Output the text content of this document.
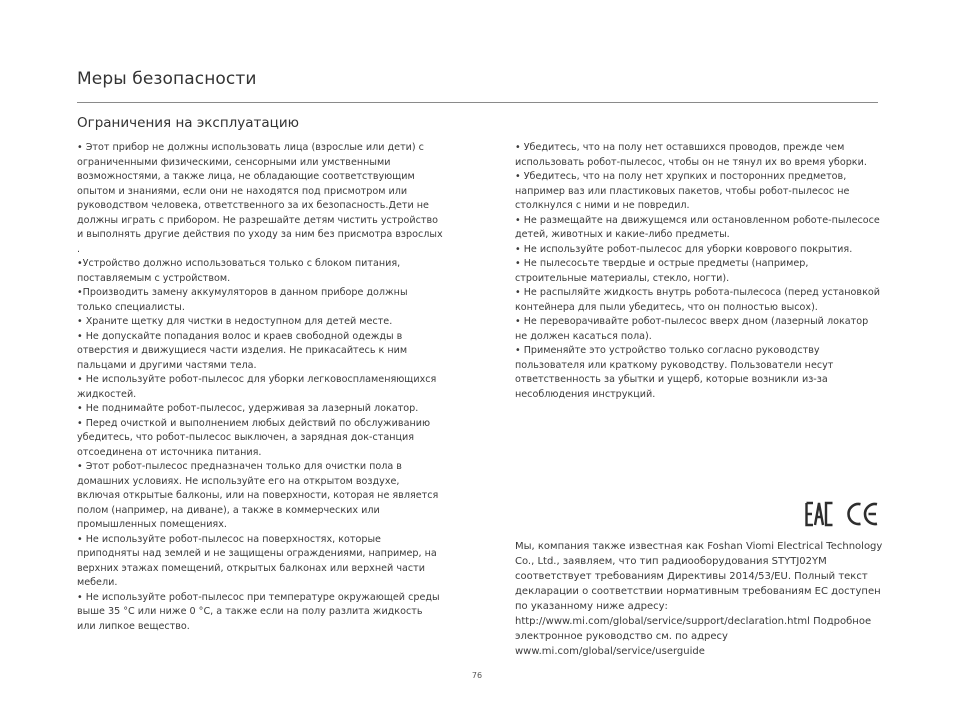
Меры безопасности
Ограничения на эксплуатацию

• Этот прибор не должны использовать лица (взрослые или дети) с ограниченными физическими, сенсорными или умственными возможностями, а также лица, не обладающие соответствующим опытом и знаниями, если они не находятся под присмотром или руководством человека, ответственного за их безопасность.Дети не должны играть с прибором. Не разрешайте детям чистить устройство и выполнять другие действия по уходу за ним без присмотра взрослых .

•Устройство должно использоваться только с блоком питания, поставляемым с устройством.

•Производить замену аккумуляторов в данном приборе должны только специалисты.

• Храните щетку для чистки в недоступном для детей месте.

• Не допускайте попадания волос и краев свободной одежды в отверстия и движущиеся части изделия. Не прикасайтесь к ним пальцами и другими частями тела.

• Не используйте робот-пылесос для уборки легковоспламеняющихся жидкостей.

• Не поднимайте робот-пылесос, удерживая за лазерный локатор.

• Перед очисткой и выполнением любых действий по обслуживанию убедитесь, что робот-пылесос выключен, а зарядная док-станция отсоединена от источника питания.

• Этот робот-пылесос предназначен только для очистки пола в домашних условиях. Не используйте его на открытом воздухе, включая открытые балконы, или на поверхности, которая не является полом (например, на диване), а также в коммерческих или промышленных помещениях.

• Не используйте робот-пылесос на поверхностях, которые приподняты над землей и не защищены ограждениями, например, на верхних этажах помещений, открытых балконах или верхней части мебели.

• Не используйте робот-пылесос при температуре окружающей среды выше 35 °C или ниже 0 °C, а также если на полу разлита жидкость или липкое вещество.

• Убедитесь, что на полу нет оставшихся проводов, прежде чем использовать робот-пылесос, чтобы он не тянул их во время уборки.

• Убедитесь, что на полу нет хрупких и посторонних предметов, например ваз или пластиковых пакетов, чтобы робот-пылесос не столкнулся с ними и не повредил.

• Не размещайте на движущемся или остановленном роботе-пылесосе детей, животных и какие-либо предметы.

• Не используйте робот-пылесос для уборки коврового покрытия.

• Не пылесосьте твердые и острые предметы (например, строительные материалы, стекло, ногти).

• Не распыляйте жидкость внутрь робота-пылесоса (перед установкой контейнера для пыли убедитесь, что он полностью высох).

• Не переворачивайте робот-пылесос вверх дном (лазерный локатор не должен касаться пола).

• Применяйте это устройство только согласно руководству пользователя или краткому руководству. Пользователи несут ответственность за убытки и ущерб, которые возникли из-за несоблюдения инструкций.

Мы, компания также известная как Foshan Viomi Electrical Technology Co., Ltd., заявляем, что тип радиооборудования STYTJ02YM соответствует требованиям Директивы 2014/53/EU. Полный текст декларации о соответствии нормативным требованиям ЕС доступен по указанному ниже адресу: http://www.mi.com/global/service/support/declaration.html Подробное электронное руководство см. по адресу www.mi.com/global/service/userguide

76
